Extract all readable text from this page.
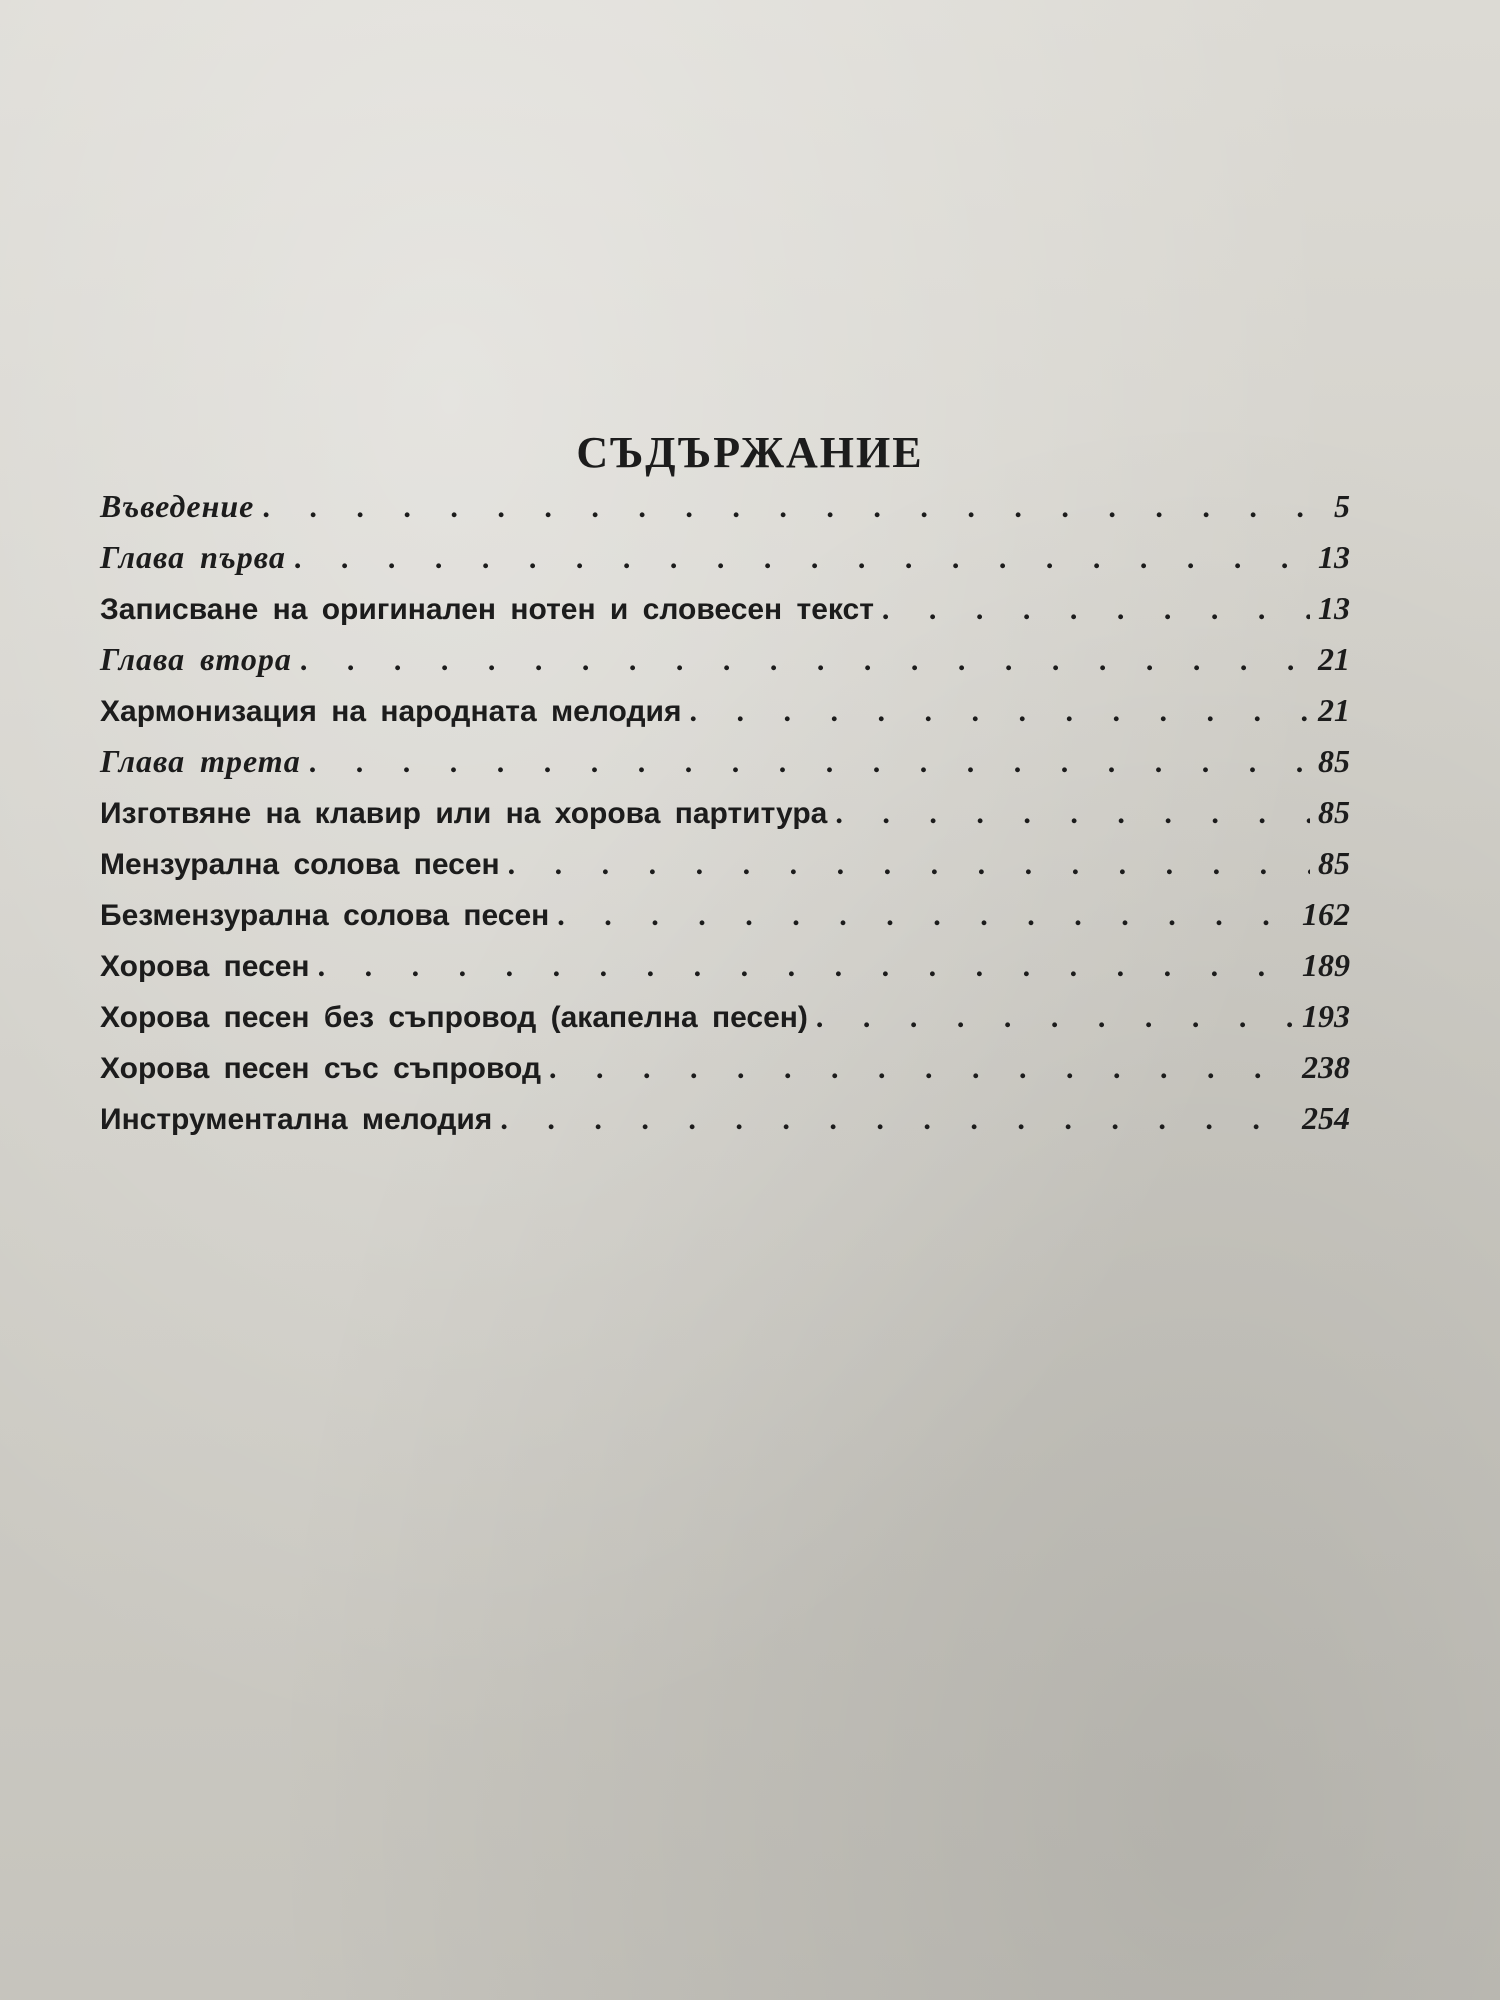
СЪДЪРЖАНИЕ
Въведение . . .	5
Глава първа . . .	13
Записване на оригинален нотен и словесен текст . . .	13
Глава втора . . .	21
Хармонизация на народната мелодия . . .	21
Глава трета . . .	85
Изготвяне на клавир или на хорова партитура . . .	85
Мензурална солова песен . . .	85
Безмензурална солова песен . . .	162
Хорова песен . . .	189
Хорова песен без съпровод (акапелна песен) . . .	193
Хорова песен със съпровод . . .	238
Инструментална мелодия . . .	254
